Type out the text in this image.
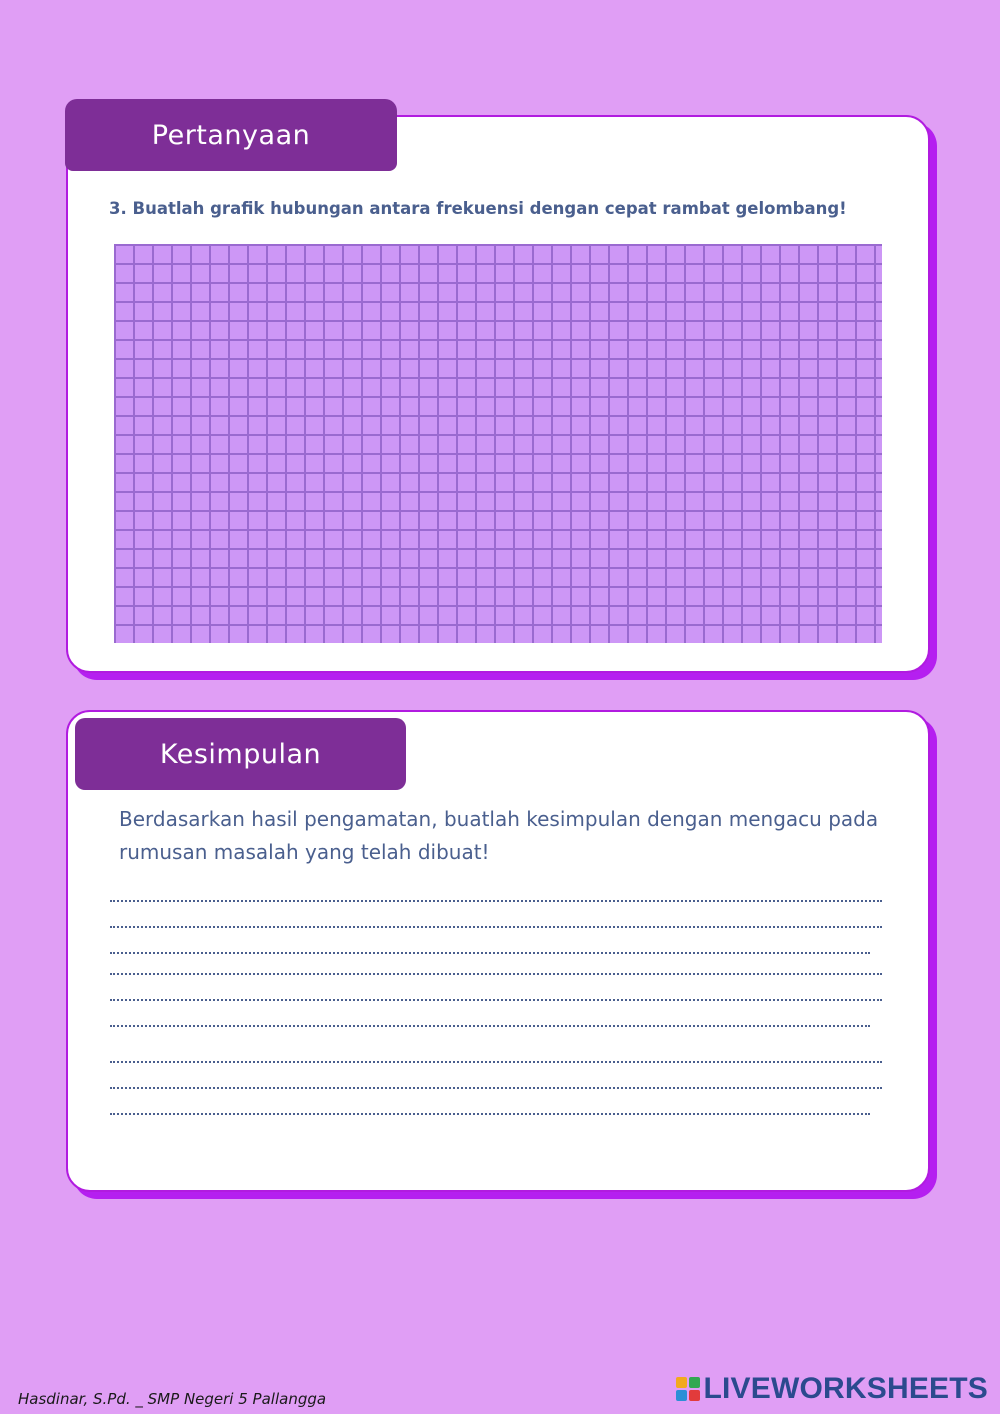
Pertanyaan
3. Buatlah grafik hubungan antara frekuensi dengan cepat rambat gelombang!
Kesimpulan
Berdasarkan hasil pengamatan, buatlah kesimpulan dengan mengacu pada rumusan masalah yang telah dibuat!
Hasdinar, S.Pd. _ SMP Negeri 5 Pallangga	LIVEWORKSHEETS
